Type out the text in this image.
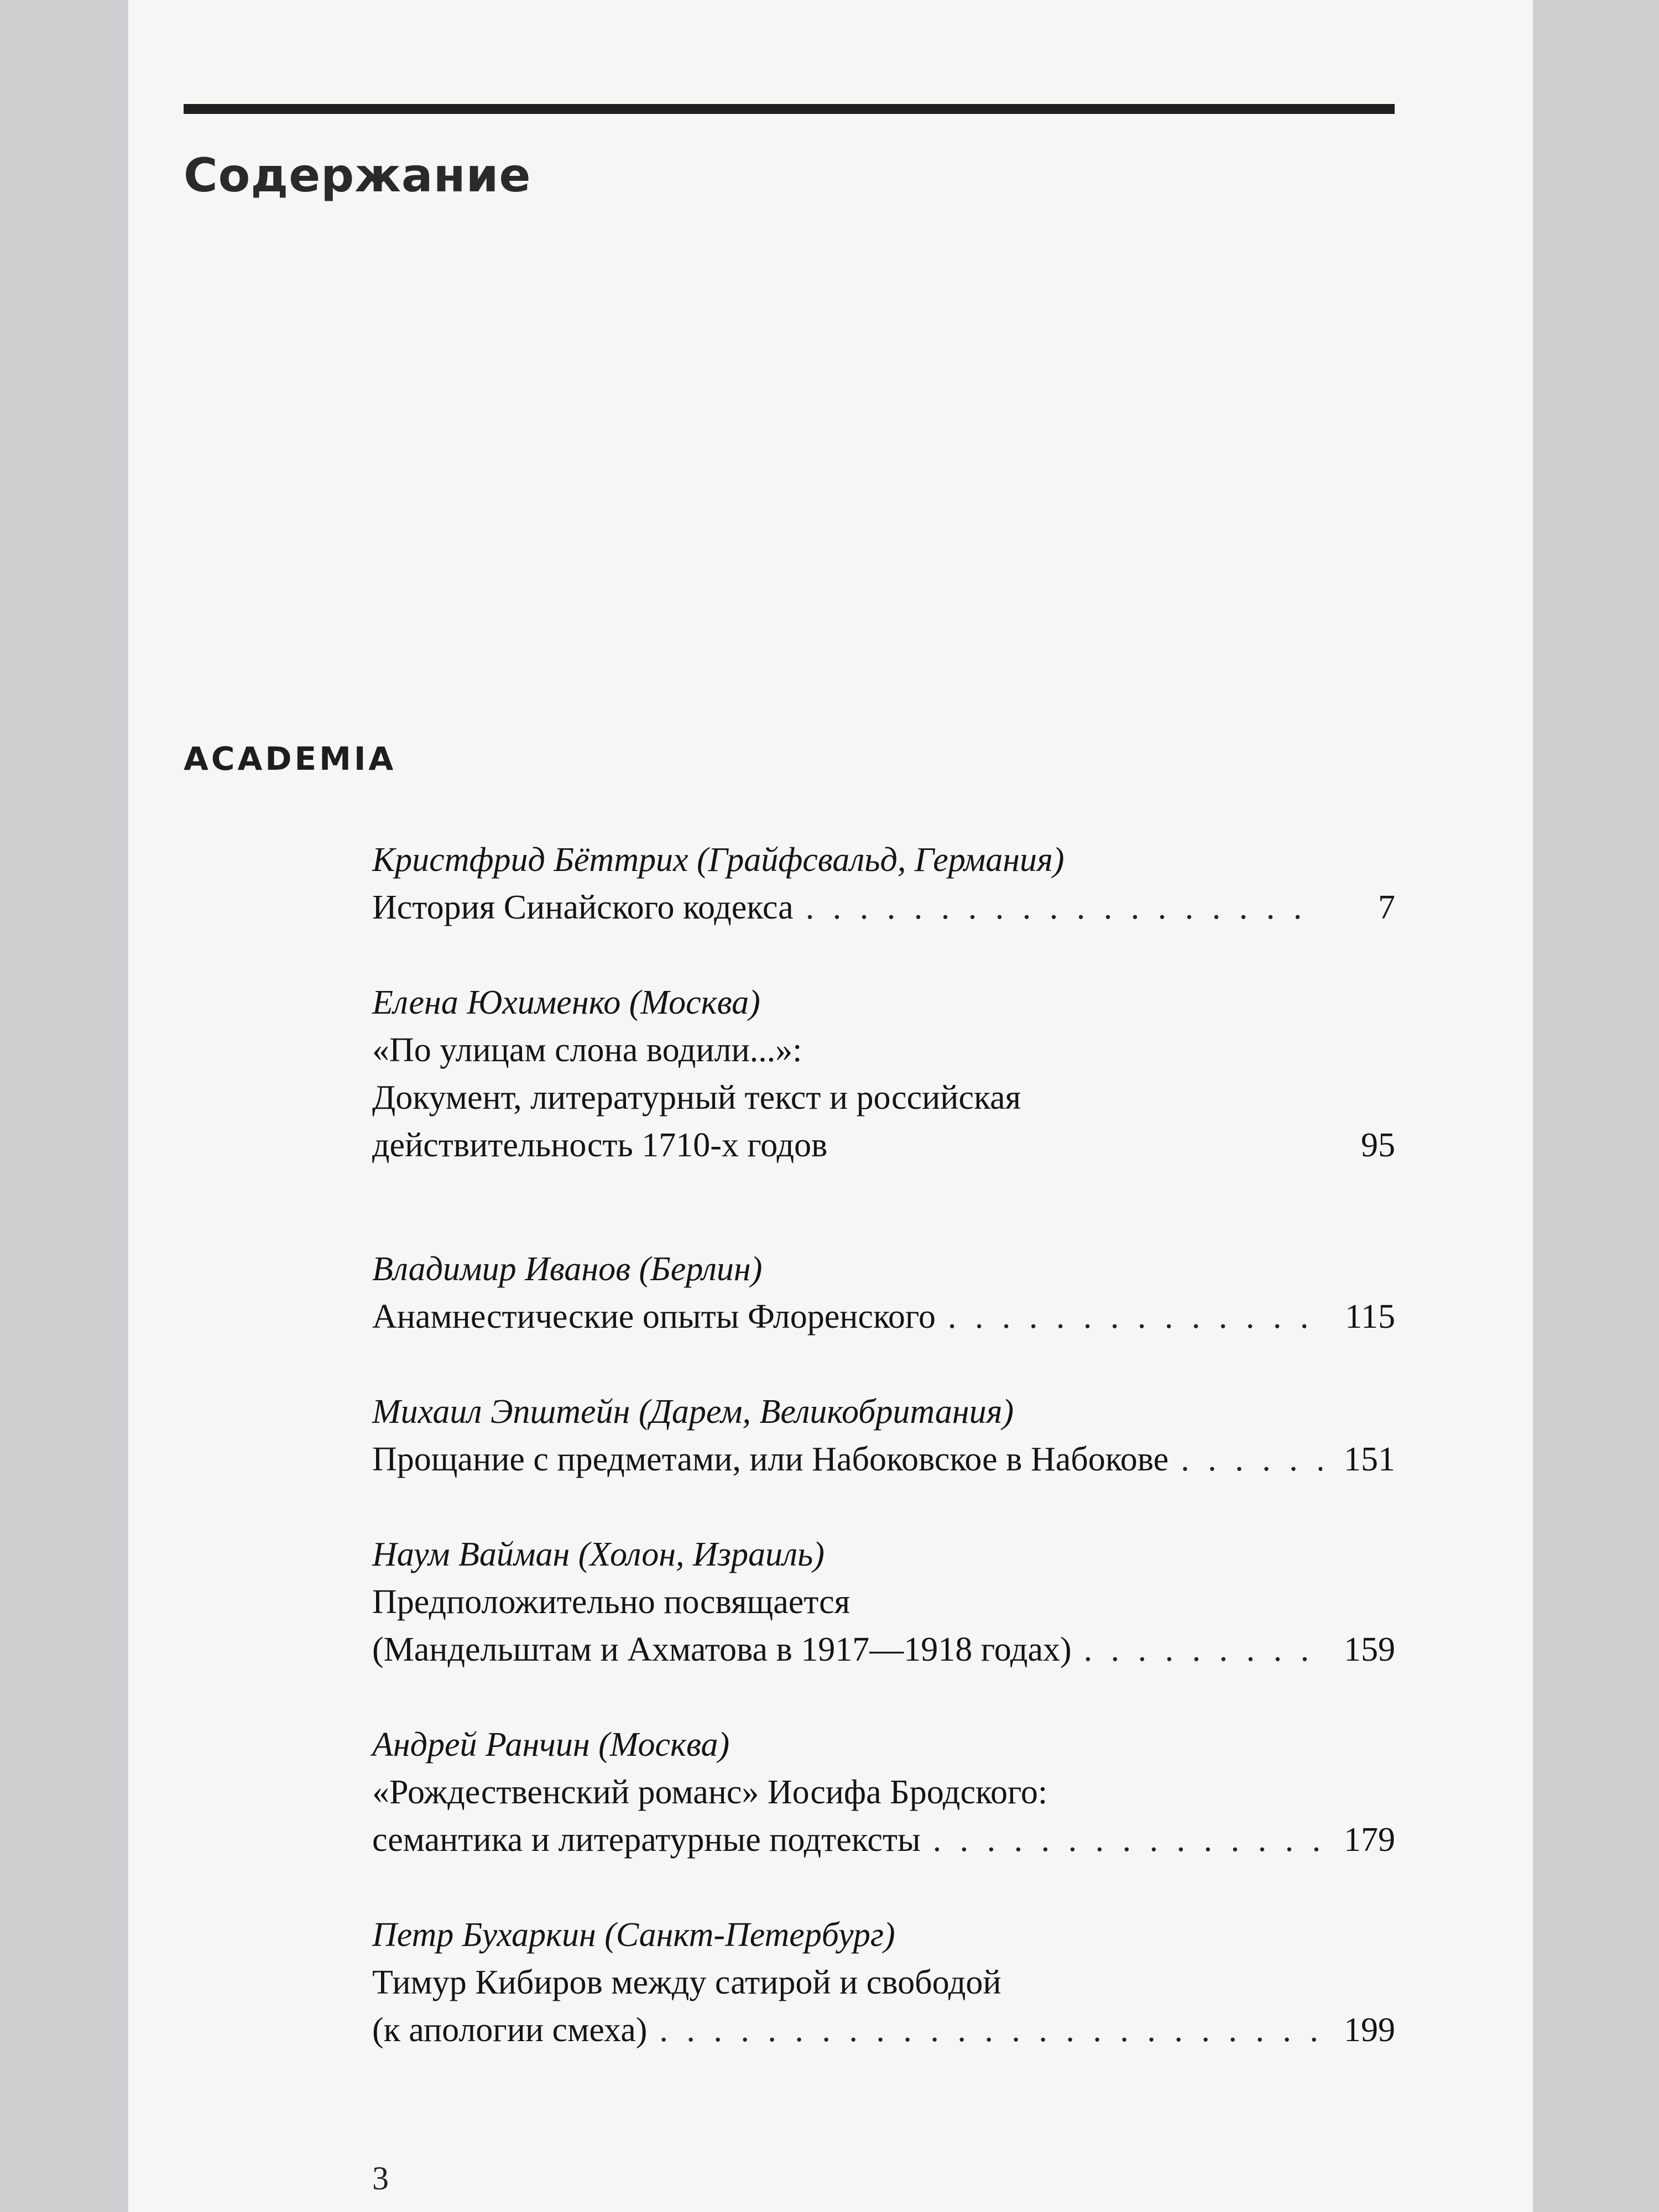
Содержание
ACADEMIA
Кристфрид Бёттрих (Грайфсвальд, Германия)
История Синайского кодекса . . .	7
Елена Юхименко (Москва)
«По улицам слона водили...»:
Документ, литературный текст и российская
действительность 1710-х годов	95
Владимир Иванов (Берлин)
Анамнестические опыты Флоренского . . .	115
Михаил Эпштейн (Дарем, Великобритания)
Прощание с предметами, или Набоковское в Набокове . . .	151
Наум Вайман (Холон, Израиль)
Предположительно посвящается
(Мандельштам и Ахматова в 1917—1918 годах) . . .	159
Андрей Ранчин (Москва)
«Рождественский романс» Иосифа Бродского:
семантика и литературные подтексты . . .	179
Петр Бухаркин (Санкт-Петербург)
Тимур Кибиров между сатирой и свободой
(к апологии смеха) . . .	199
3
